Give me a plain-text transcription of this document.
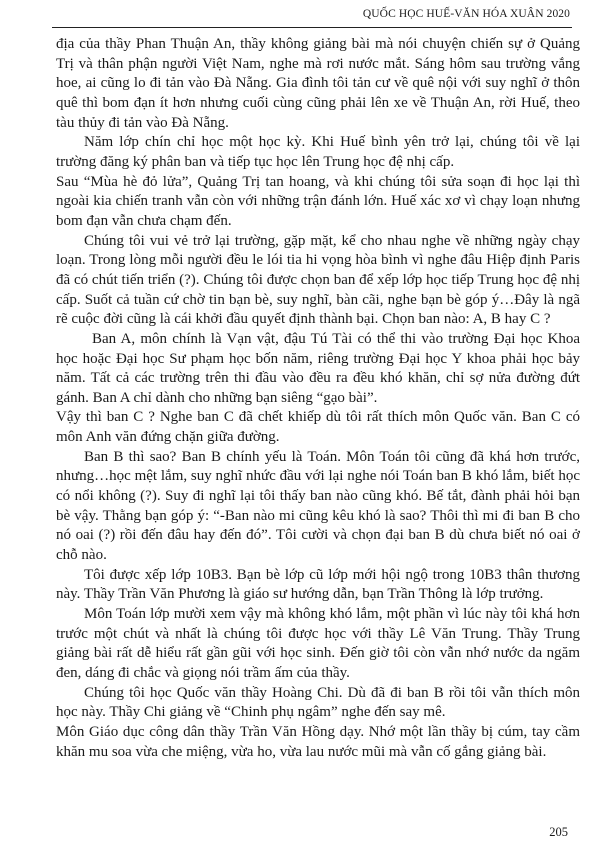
QUỐC HỌC HUẾ-VĂN HÓA XUÂN 2020

địa của thầy Phan Thuận An, thầy không giảng bài mà nói chuyện chiến sự ở Quảng Trị và thân phận người Việt Nam, nghe mà rơi nước mắt. Sáng hôm sau trường vắng hoe, ai cũng lo đi tản vào Đà Nẵng. Gia đình tôi tản cư về quê nội với suy nghĩ ở thôn quê thì bom đạn ít hơn nhưng cuối cùng cũng phải lên xe về Thuận An, rời Huế, theo tàu thủy đi tản vào Đà Nẵng.

Năm lớp chín chỉ học một học kỳ. Khi Huế bình yên trở lại, chúng tôi về lại trường đăng ký phân ban và tiếp tục học lên Trung học đệ nhị cấp.

Sau “Mùa hè đỏ lửa”, Quảng Trị tan hoang, và khi chúng tôi sửa soạn đi học lại thì ngoài kia chiến tranh vẫn còn với những trận đánh lớn. Huế xác xơ vì chạy loạn nhưng bom đạn vẫn chưa chạm đến.

Chúng tôi vui vẻ trở lại trường, gặp mặt, kể cho nhau nghe về những ngày chạy loạn. Trong lòng mỗi người đều le lói tia hi vọng hòa bình vì nghe đâu Hiệp định Paris đã có chút tiến triển (?). Chúng tôi được chọn ban để xếp lớp học tiếp Trung học đệ nhị cấp. Suốt cả tuần cứ chờ tin bạn bè, suy nghĩ, bàn cãi, nghe bạn bè góp ý…Đây là ngã rẽ cuộc đời cũng là cái khởi đầu quyết định thành bại. Chọn ban nào: A, B hay C ?

Ban A, môn chính là Vạn vật, đậu Tú Tài có thể thi vào trường Đại học Khoa học hoặc Đại học Sư phạm học bốn năm, riêng trường Đại học Y khoa phải học bảy năm. Tất cả các trường trên thi đầu vào đều ra đều khó khăn, chỉ sợ nửa đường đứt gánh. Ban A chỉ dành cho những bạn siêng “gạo bài”.

Vậy thì ban C ? Nghe ban C đã chết khiếp dù tôi rất thích môn Quốc văn. Ban C có môn Anh văn đứng chặn giữa đường.

Ban B thì sao? Ban B chính yếu là Toán. Môn Toán tôi cũng đã khá hơn trước, nhưng…học mệt lắm, suy nghĩ nhức đầu với lại nghe nói Toán ban B khó lắm, biết học có nổi không (?). Suy đi nghĩ lại tôi thấy ban nào cũng khó. Bế tắt, đành phải hỏi bạn bè vậy. Thằng bạn góp ý: “-Ban nào mi cũng kêu khó là sao? Thôi thì mi đi ban B cho nó oai (?) rồi đến đâu hay đến đó”. Tôi cười và chọn đại ban B dù chưa biết nó oai ở chỗ nào.

Tôi được xếp lớp 10B3. Bạn bè lớp cũ lớp mới hội ngộ trong 10B3 thân thương này. Thầy Trần Văn Phương là giáo sư hướng dẫn, bạn Trần Thông là lớp trưởng.

Môn Toán lớp mười xem vậy mà không khó lắm, một phần vì lúc này tôi khá hơn trước một chút và nhất là chúng tôi được học với thầy Lê Văn Trung. Thầy Trung giảng bài rất dễ hiểu rất gần gũi với học sinh. Đến giờ tôi còn vẫn nhớ nước da ngăm đen, dáng đi chắc và giọng nói trầm ấm của thầy.

Chúng tôi học Quốc văn thầy Hoàng Chi. Dù đã đi ban B rồi tôi vẫn thích môn học này. Thầy Chi giảng về “Chinh phụ ngâm” nghe đến say mê.

Môn Giáo dục công dân thầy Trần Văn Hồng dạy. Nhớ một lần thầy bị cúm, tay cầm khăn mu soa vừa che miệng, vừa ho, vừa lau nước mũi mà vẫn cố gắng giảng bài.

205
